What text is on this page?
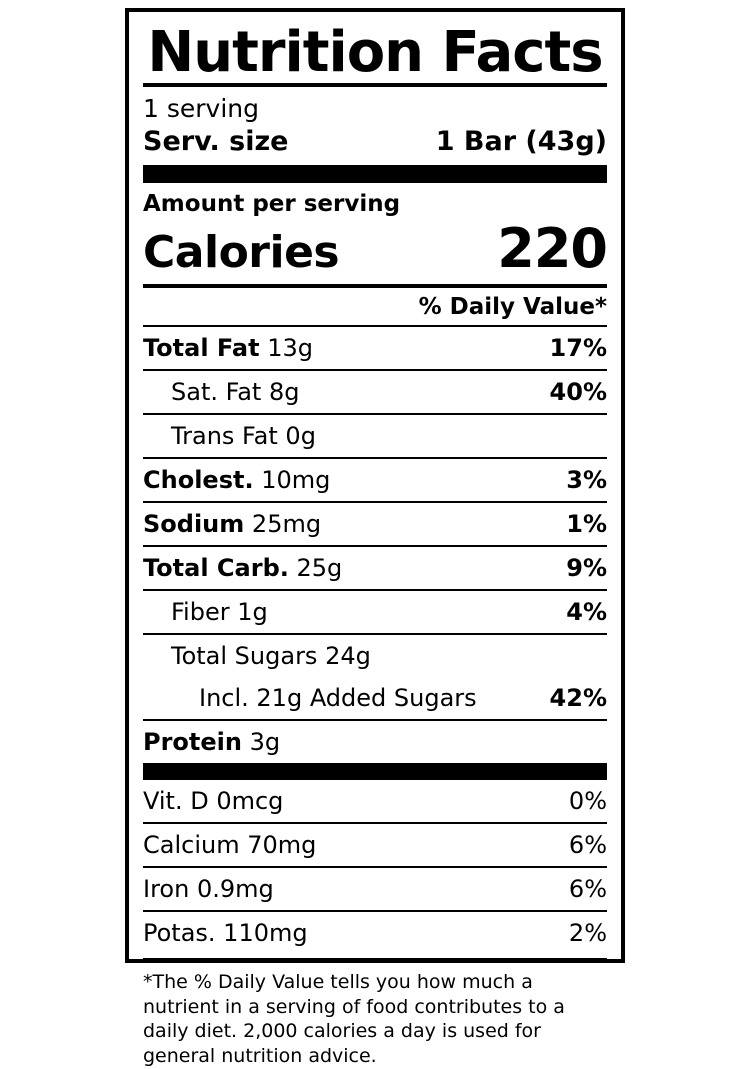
Nutrition Facts
1 serving
Serv. size	1 Bar (43g)
Amount per serving
Calories	220
% Daily Value*
Total Fat 13g	17%
Sat. Fat 8g	40%
Trans Fat 0g
Cholest. 10mg	3%
Sodium 25mg	1%
Total Carb. 25g	9%
Fiber 1g	4%
Total Sugars 24g
Incl. 21g Added Sugars	42%
Protein 3g
Vit. D 0mcg	0%
Calcium 70mg	6%
Iron 0.9mg	6%
Potas. 110mg	2%
*The % Daily Value tells you how much a nutrient in a serving of food contributes to a daily diet. 2,000 calories a day is used for general nutrition advice.
